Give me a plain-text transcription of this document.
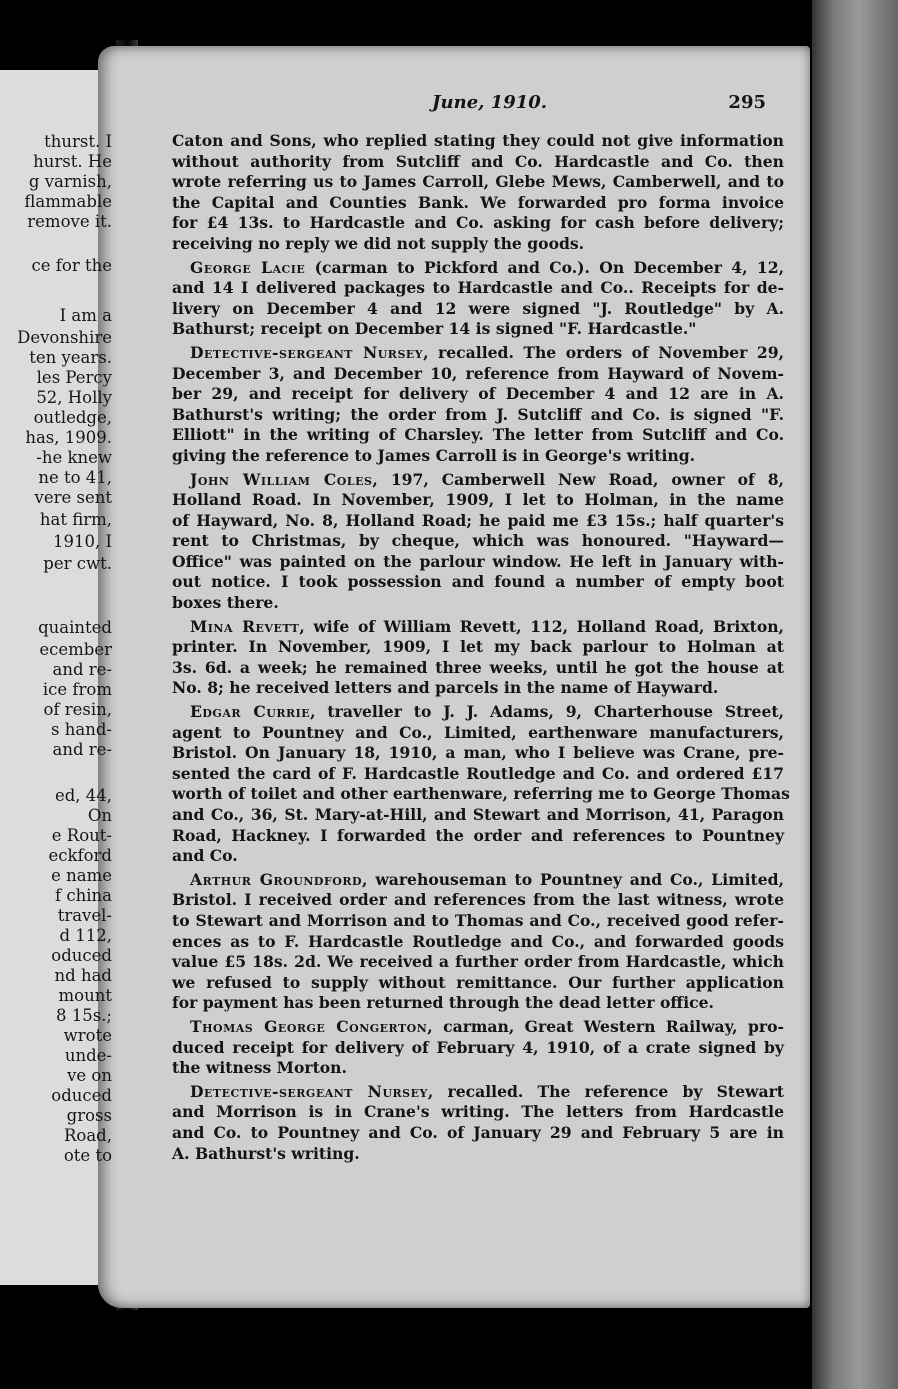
thurst. I
hurst. He
g varnish,
flammable
remove it.
ce for the
I am a
Devonshire
ten years.
les Percy
52, Holly
outledge,
has, 1909.
-he knew
ne to 41,
vere sent
hat firm,
1910, I
per cwt.
quainted
ecember
and re-
ice from
of resin,
s hand-
and re-
ed, 44,
On
e Rout-
eckford
e name
f china
travel-
d 112,
oduced
nd had
mount
8 15s.;
wrote
unde-
ve on
oduced
gross
Road,
ote to
June, 1910.	295
Caton and Sons, who replied stating they could not give information
without authority from Sutcliff and Co. Hardcastle and Co. then
wrote referring us to James Carroll, Glebe Mews, Camberwell, and to
the Capital and Counties Bank. We forwarded pro forma invoice
for £4 13s. to Hardcastle and Co. asking for cash before delivery;
receiving no reply we did not supply the goods.
George Lacie (carman to Pickford and Co.). On December 4, 12,
and 14 I delivered packages to Hardcastle and Co.. Receipts for de-
livery on December 4 and 12 were signed "J. Routledge" by A.
Bathurst; receipt on December 14 is signed "F. Hardcastle."
Detective-sergeant Nursey, recalled. The orders of November 29,
December 3, and December 10, reference from Hayward of Novem-
ber 29, and receipt for delivery of December 4 and 12 are in A.
Bathurst's writing; the order from J. Sutcliff and Co. is signed "F.
Elliott" in the writing of Charsley. The letter from Sutcliff and Co.
giving the reference to James Carroll is in George's writing.
John William Coles, 197, Camberwell New Road, owner of 8,
Holland Road. In November, 1909, I let to Holman, in the name
of Hayward, No. 8, Holland Road; he paid me £3 15s.; half quarter's
rent to Christmas, by cheque, which was honoured. "Hayward—
Office" was painted on the parlour window. He left in January with-
out notice. I took possession and found a number of empty boot
boxes there.
Mina Revett, wife of William Revett, 112, Holland Road, Brixton,
printer. In November, 1909, I let my back parlour to Holman at
3s. 6d. a week; he remained three weeks, until he got the house at
No. 8; he received letters and parcels in the name of Hayward.
Edgar Currie, traveller to J. J. Adams, 9, Charterhouse Street,
agent to Pountney and Co., Limited, earthenware manufacturers,
Bristol. On January 18, 1910, a man, who I believe was Crane, pre-
sented the card of F. Hardcastle Routledge and Co. and ordered £17
worth of toilet and other earthenware, referring me to George Thomas
and Co., 36, St. Mary-at-Hill, and Stewart and Morrison, 41, Paragon
Road, Hackney. I forwarded the order and references to Pountney
and Co.
Arthur Groundford, warehouseman to Pountney and Co., Limited,
Bristol. I received order and references from the last witness, wrote
to Stewart and Morrison and to Thomas and Co., received good refer-
ences as to F. Hardcastle Routledge and Co., and forwarded goods
value £5 18s. 2d. We received a further order from Hardcastle, which
we refused to supply without remittance. Our further application
for payment has been returned through the dead letter office.
Thomas George Congerton, carman, Great Western Railway, pro-
duced receipt for delivery of February 4, 1910, of a crate signed by
the witness Morton.
Detective-sergeant Nursey, recalled. The reference by Stewart
and Morrison is in Crane's writing. The letters from Hardcastle
and Co. to Pountney and Co. of January 29 and February 5 are in
A. Bathurst's writing.
